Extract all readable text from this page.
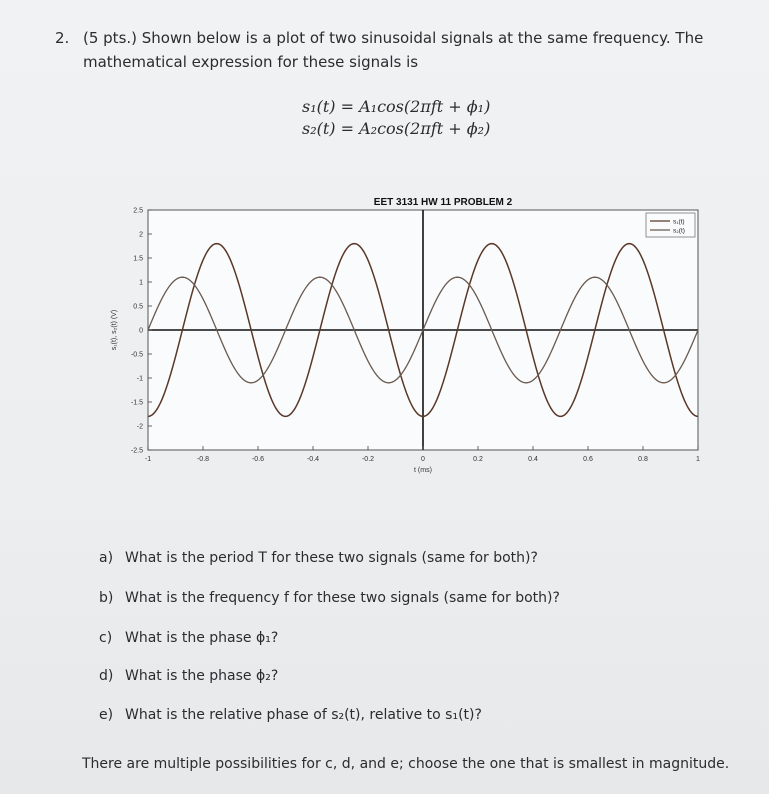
2. (5 pts.) Shown below is a plot of two sinusoidal signals at the same frequency. The mathematical expression for these signals is
s₁(t) = A₁cos(2πft + ϕ₁)
s₂(t) = A₂cos(2πft + ϕ₂)
-1	-0.8	-0.6	-0.4	-0.2	0	0.2	0.4	0.6	0.8	1
2.5
2
1.5
1
0.5
0
-0.5
-1
-1.5
-2
-2.5
EET 3131 HW 11 PROBLEM 2
t (ms)
s₁(t), s₂(t) (V)
s₁(t)
s₂(t)
a) What is the period T for these two signals (same for both)?
b) What is the frequency f for these two signals (same for both)?
c) What is the phase ϕ₁?
d) What is the phase ϕ₂?
e) What is the relative phase of s₂(t), relative to s₁(t)?
There are multiple possibilities for c, d, and e; choose the one that is smallest in magnitude.
